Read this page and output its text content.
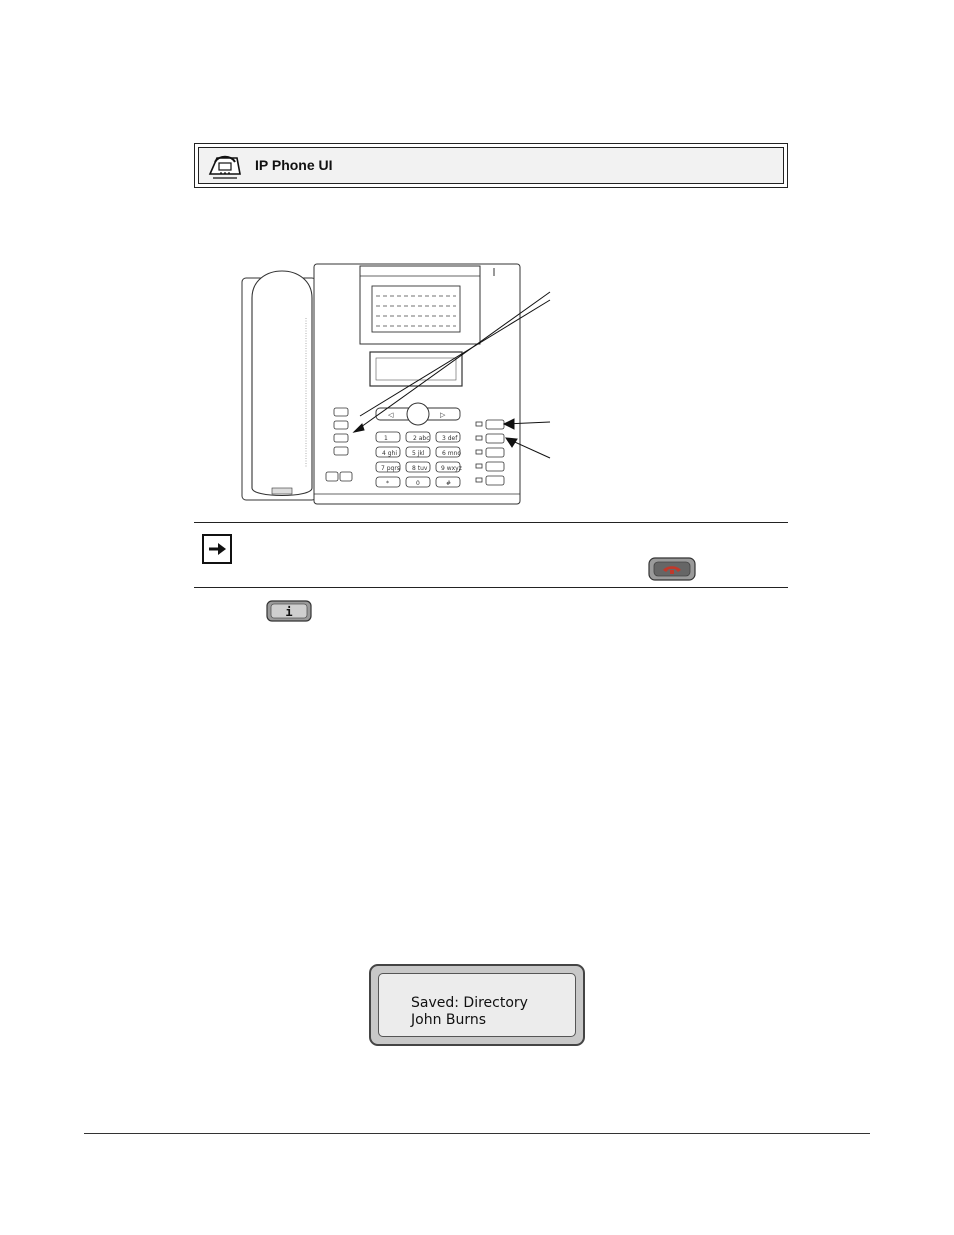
IP Phone UI
◁	▷
1	2 abc 3 def
4 ghi 5 jkl	6 mno
7 pqrs 8 tuv 9 wxyz
*	0	#
i
Saved: Directory
John Burns
